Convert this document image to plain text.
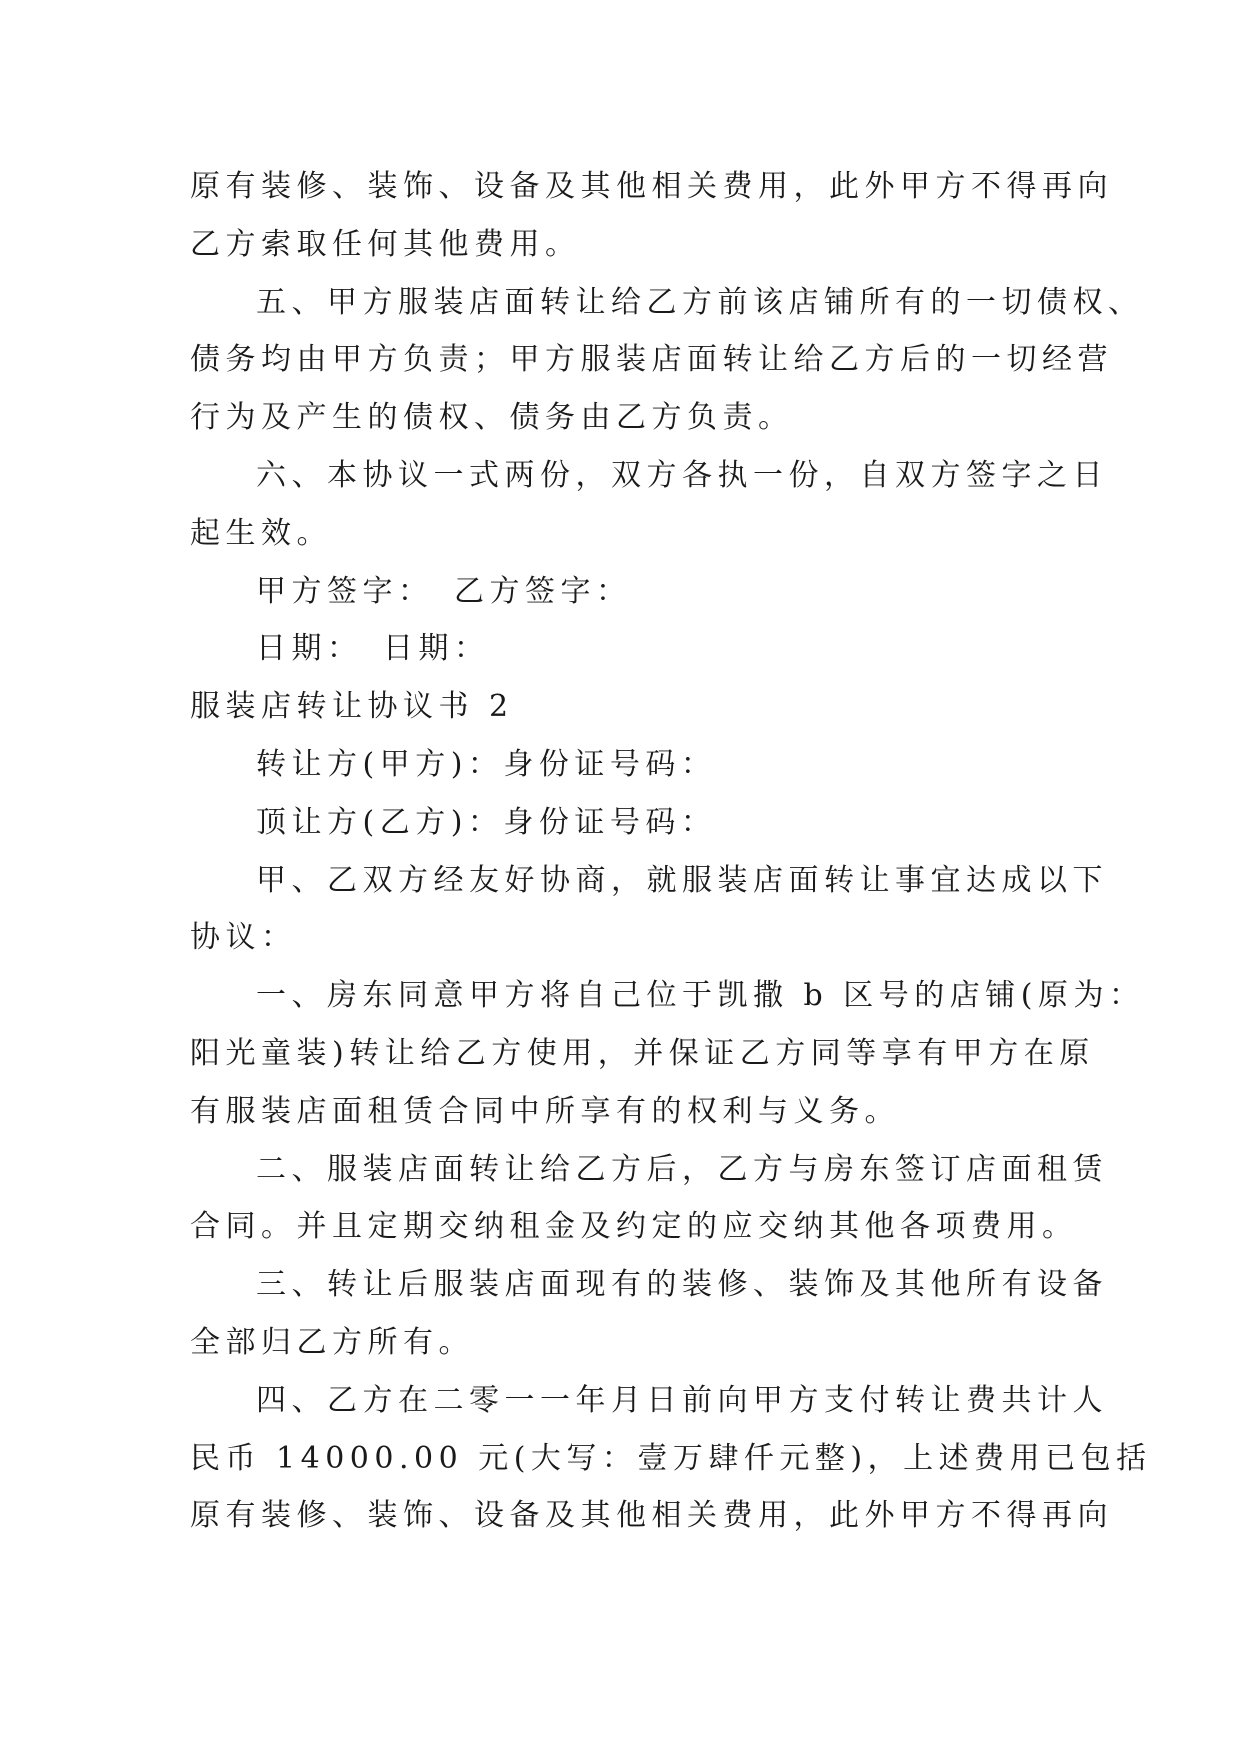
原有装修、装饰、设备及其他相关费用，此外甲方不得再向
乙方索取任何其他费用。
五、甲方服装店面转让给乙方前该店铺所有的一切债权、
债务均由甲方负责；甲方服装店面转让给乙方后的一切经营
行为及产生的债权、债务由乙方负责。
六、本协议一式两份，双方各执一份，自双方签字之日
起生效。
甲方签字：　乙方签字：
日期：　日期：
服装店转让协议书 2
转让方(甲方)：身份证号码：
顶让方(乙方)：身份证号码：
甲、乙双方经友好协商，就服装店面转让事宜达成以下
协议：
一、房东同意甲方将自己位于凯撒 b 区号的店铺(原为：
阳光童装)转让给乙方使用，并保证乙方同等享有甲方在原
有服装店面租赁合同中所享有的权利与义务。
二、服装店面转让给乙方后，乙方与房东签订店面租赁
合同。并且定期交纳租金及约定的应交纳其他各项费用。
三、转让后服装店面现有的装修、装饰及其他所有设备
全部归乙方所有。
四、乙方在二零一一年月日前向甲方支付转让费共计人
民币 14000.00 元(大写：壹万肆仟元整)，上述费用已包括
原有装修、装饰、设备及其他相关费用，此外甲方不得再向
